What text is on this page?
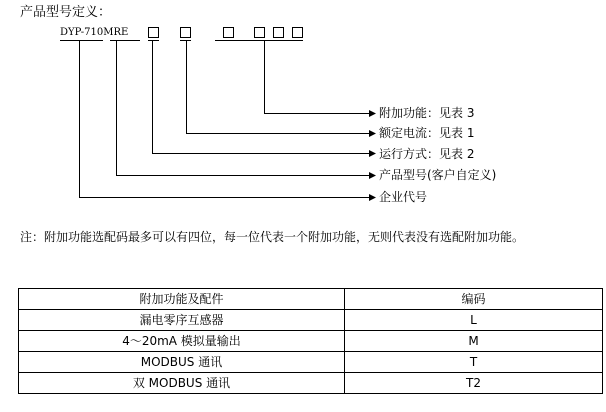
产品型号定义：
DYP-710MRE
附加功能：见表 3
额定电流：见表 1
运行方式：见表 2
产品型号(客户自定义)
企业代号
注：附加功能选配码最多可以有四位，每一位代表一个附加功能，无则代表没有选配附加功能。
附加功能及配件	编码
漏电零序互感器	L
4～20mA 模拟量输出	M
MODBUS 通讯	T
双 MODBUS 通讯	T2
